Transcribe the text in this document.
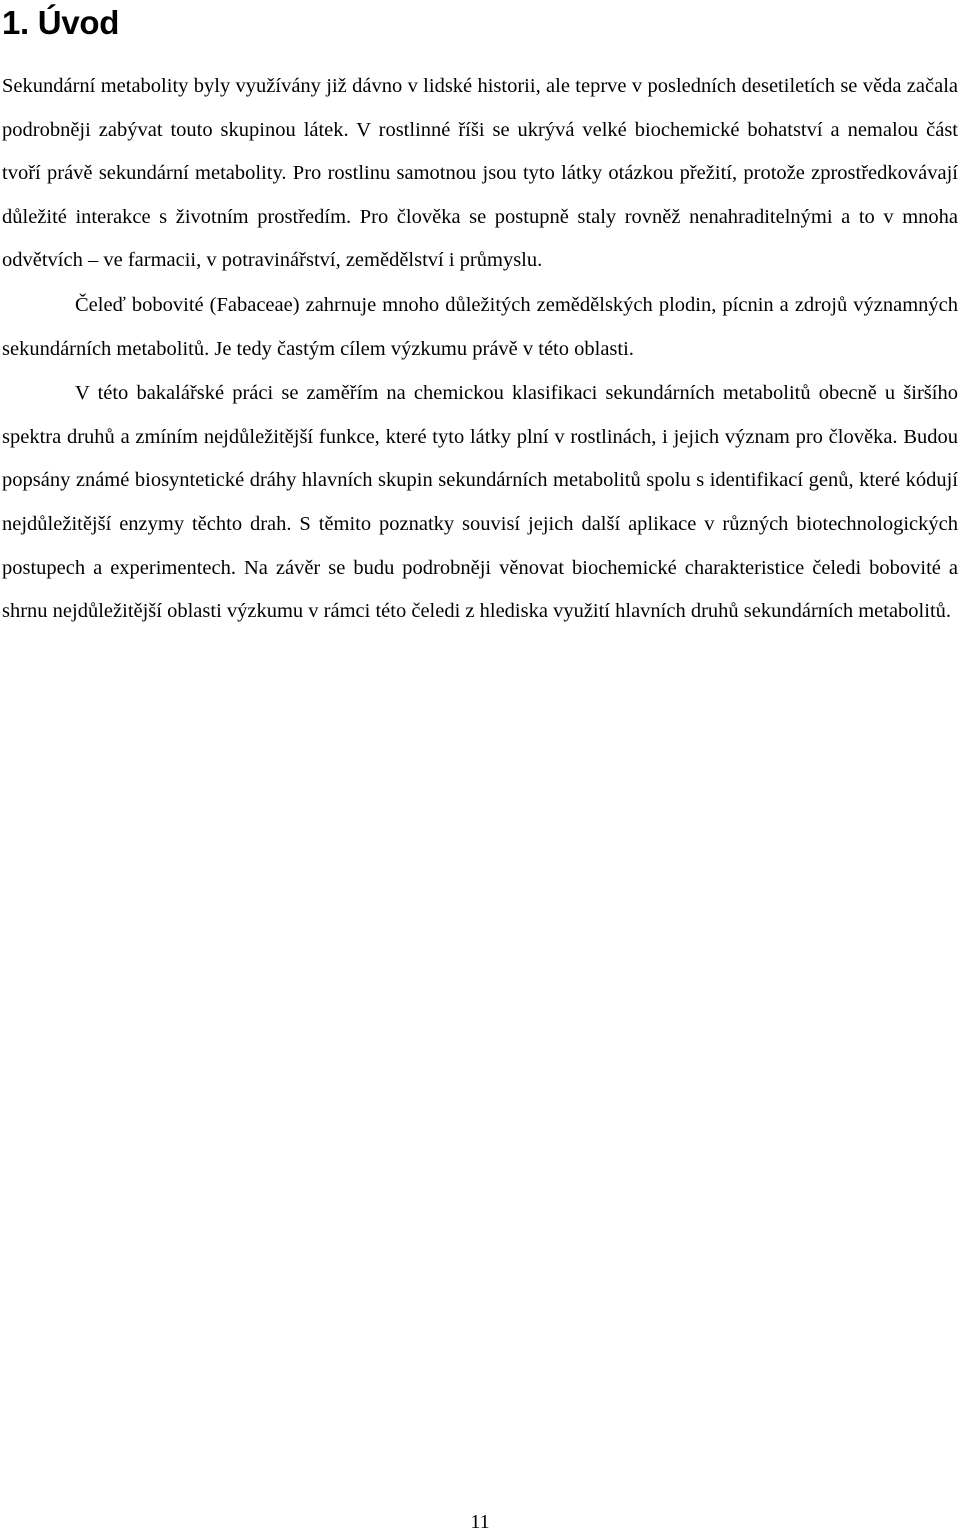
1. Úvod

Sekundární metabolity byly využívány již dávno v lidské historii, ale teprve v posledních desetiletích se věda začala podrobněji zabývat touto skupinou látek. V rostlinné říši se ukrývá velké biochemické bohatství a nemalou část tvoří právě sekundární metabolity. Pro rostlinu samotnou jsou tyto látky otázkou přežití, protože zprostředkovávají důležité interakce s životním prostředím. Pro člověka se postupně staly rovněž nenahraditelnými a to v mnoha odvětvích – ve farmacii, v potravinářství, zemědělství i průmyslu.

Čeleď bobovité (Fabaceae) zahrnuje mnoho důležitých zemědělských plodin, pícnin a zdrojů významných sekundárních metabolitů. Je tedy častým cílem výzkumu právě v této oblasti.

V této bakalářské práci se zaměřím na chemickou klasifikaci sekundárních metabolitů obecně u širšího spektra druhů a zmíním nejdůležitější funkce, které tyto látky plní v rostlinách, i jejich význam pro člověka. Budou popsány známé biosyntetické dráhy hlavních skupin sekundárních metabolitů spolu s identifikací genů, které kódují nejdůležitější enzymy těchto drah. S těmito poznatky souvisí jejich další aplikace v různých biotechnologických postupech a experimentech. Na závěr se budu podrobněji věnovat biochemické charakteristice čeledi bobovité a shrnu nejdůležitější oblasti výzkumu v rámci této čeledi z hlediska využití hlavních druhů sekundárních metabolitů.

11
